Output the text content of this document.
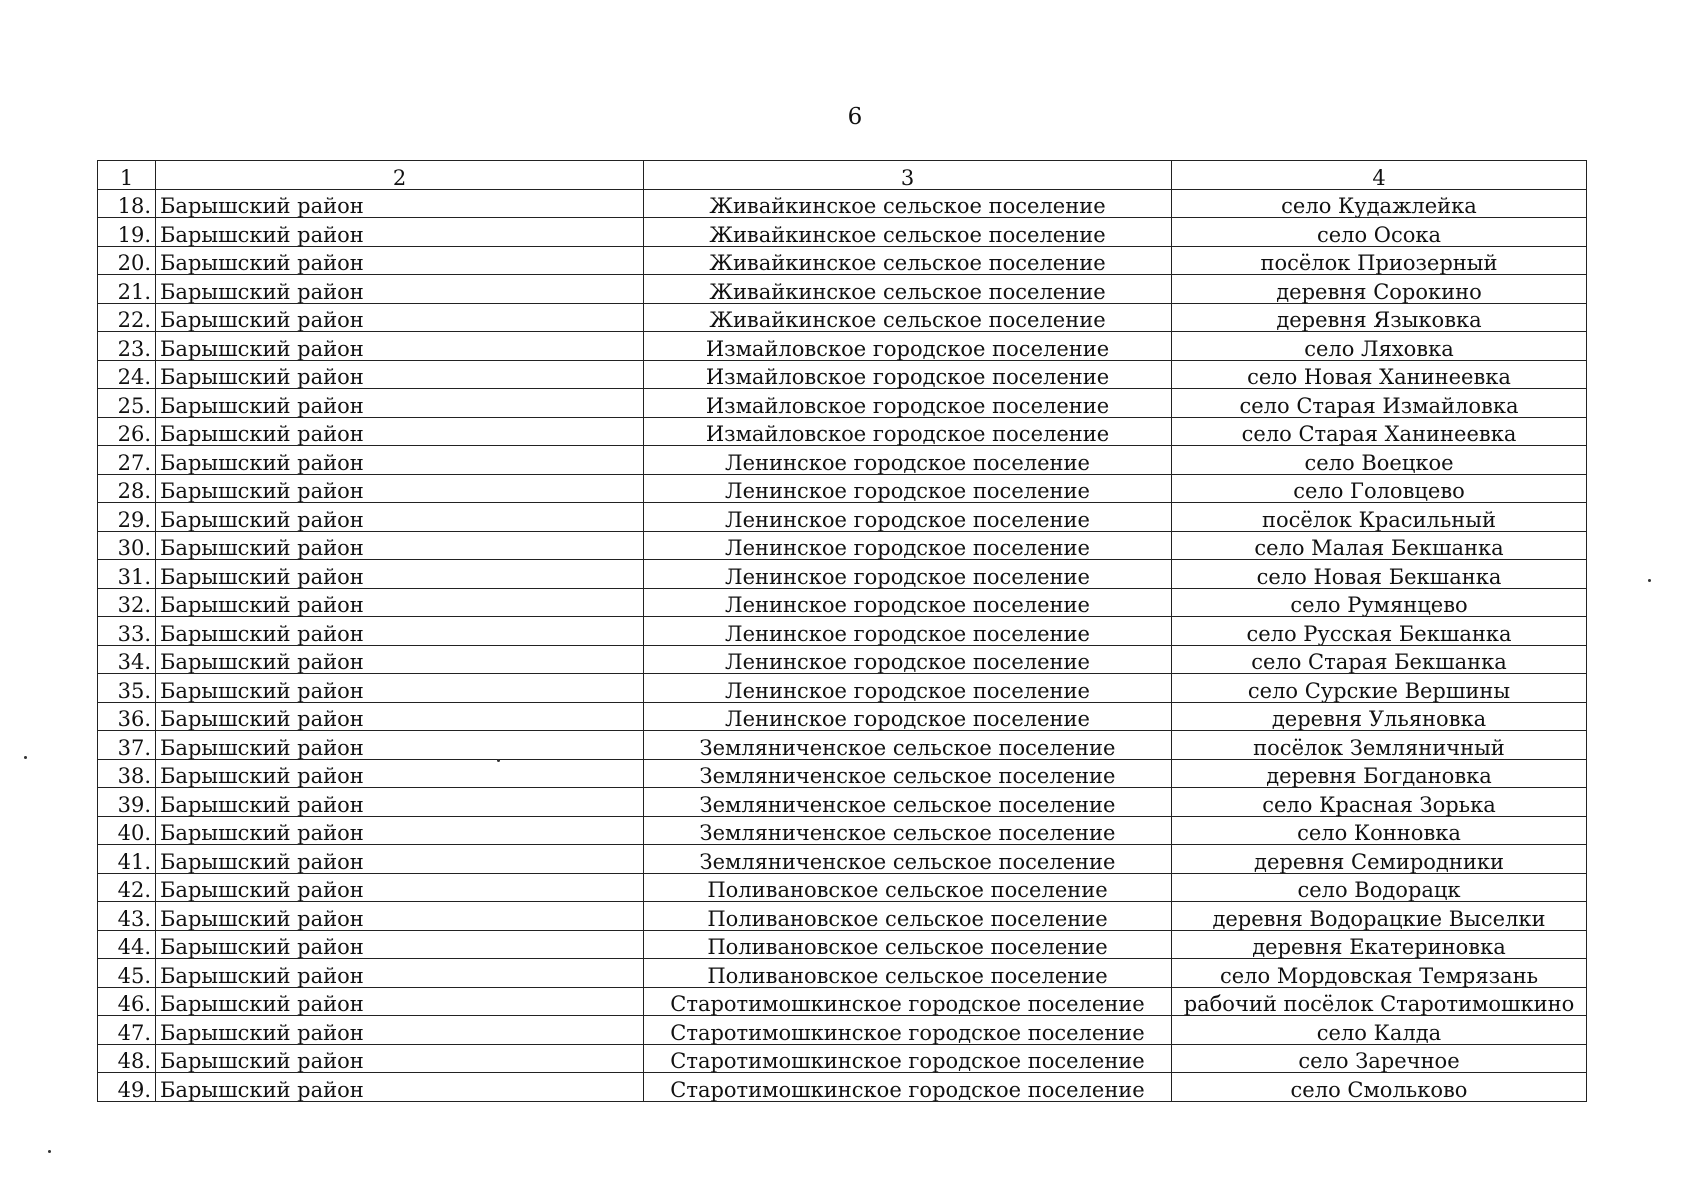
6
1	2	3	4
18.	Барышский район	Живайкинское сельское поселение	село Кудажлейка
19.	Барышский район	Живайкинское сельское поселение	село Осока
20.	Барышский район	Живайкинское сельское поселение	посёлок Приозерный
21.	Барышский район	Живайкинское сельское поселение	деревня Сорокино
22.	Барышский район	Живайкинское сельское поселение	деревня Языковка
23.	Барышский район	Измайловское городское поселение	село Ляховка
24.	Барышский район	Измайловское городское поселение	село Новая Ханинеевка
25.	Барышский район	Измайловское городское поселение	село Старая Измайловка
26.	Барышский район	Измайловское городское поселение	село Старая Ханинеевка
27.	Барышский район	Ленинское городское поселение	село Воецкое
28.	Барышский район	Ленинское городское поселение	село Головцево
29.	Барышский район	Ленинское городское поселение	посёлок Красильный
30.	Барышский район	Ленинское городское поселение	село Малая Бекшанка
31.	Барышский район	Ленинское городское поселение	село Новая Бекшанка
32.	Барышский район	Ленинское городское поселение	село Румянцево
33.	Барышский район	Ленинское городское поселение	село Русская Бекшанка
34.	Барышский район	Ленинское городское поселение	село Старая Бекшанка
35.	Барышский район	Ленинское городское поселение	село Сурские Вершины
36.	Барышский район	Ленинское городское поселение	деревня Ульяновка
37.	Барышский район	Земляниченское сельское поселение	посёлок Земляничный
38.	Барышский район	Земляниченское сельское поселение	деревня Богдановка
39.	Барышский район	Земляниченское сельское поселение	село Красная Зорька
40.	Барышский район	Земляниченское сельское поселение	село Конновка
41.	Барышский район	Земляниченское сельское поселение	деревня Семиродники
42.	Барышский район	Поливановское сельское поселение	село Водорацк
43.	Барышский район	Поливановское сельское поселение	деревня Водорацкие Выселки
44.	Барышский район	Поливановское сельское поселение	деревня Екатериновка
45.	Барышский район	Поливановское сельское поселение	село Мордовская Темрязань
46.	Барышский район	Старотимошкинское городское поселение	рабочий посёлок Старотимошкино
47.	Барышский район	Старотимошкинское городское поселение	село Калда
48.	Барышский район	Старотимошкинское городское поселение	село Заречное
49.	Барышский район	Старотимошкинское городское поселение	село Смольково
